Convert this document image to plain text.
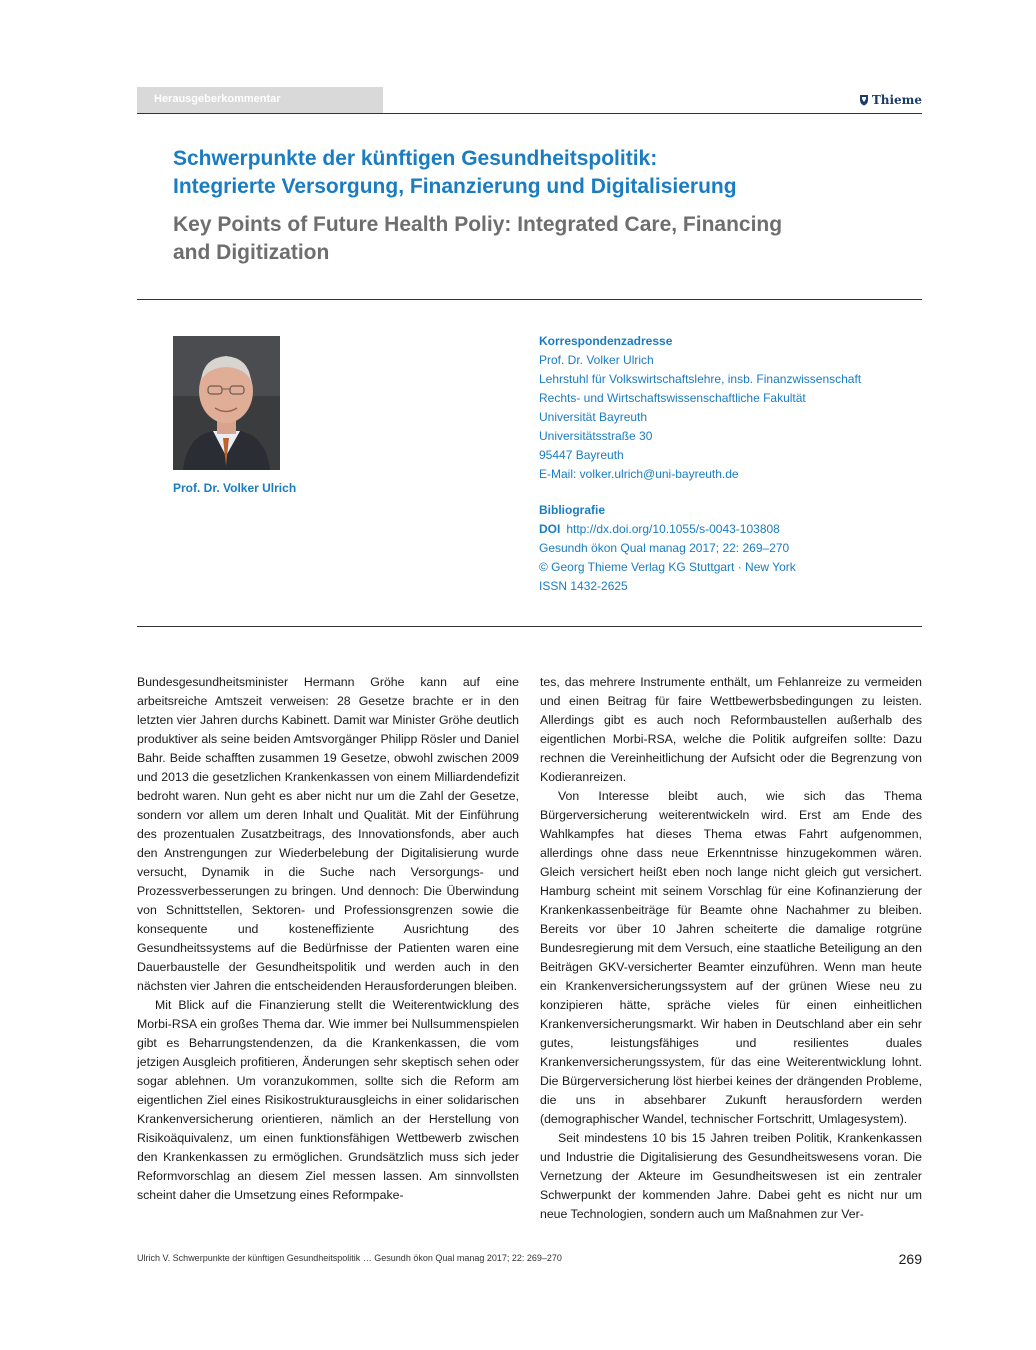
Herausgeberkommentar	Thieme
Schwerpunkte der künftigen Gesundheitspolitik:
Integrierte Versorgung, Finanzierung und Digitalisierung
Key Points of Future Health Poliy: Integrated Care, Financing
and Digitization
Prof. Dr. Volker Ulrich
Korrespondenzadresse
Prof. Dr. Volker Ulrich
Lehrstuhl für Volkswirtschaftslehre, insb. Finanzwissenschaft
Rechts- und Wirtschaftswissenschaftliche Fakultät
Universität Bayreuth
Universitätsstraße 30
95447 Bayreuth
E-Mail: volker.ulrich@uni-bayreuth.de
Bibliografie
DOI http://dx.doi.org/10.1055/s-0043-103808
Gesundh ökon Qual manag 2017; 22: 269–270
© Georg Thieme Verlag KG Stuttgart · New York
ISSN 1432-2625

Bundesgesundheitsminister Hermann Gröhe kann auf eine arbeitsreiche Amtszeit verweisen: 28 Gesetze brachte er in den letzten vier Jahren durchs Kabinett. Damit war Minister Gröhe deutlich produktiver als seine beiden Amtsvorgänger Philipp Rösler und Daniel Bahr. Beide schafften zusammen 19 Gesetze, obwohl zwischen 2009 und 2013 die gesetzlichen Krankenkassen von einem Milliardendefizit bedroht waren. Nun geht es aber nicht nur um die Zahl der Gesetze, sondern vor allem um deren Inhalt und Qualität. Mit der Einführung des prozentualen Zusatzbeitrags, des Innovationsfonds, aber auch den Anstrengungen zur Wiederbelebung der Digitalisierung wurde versucht, Dynamik in die Suche nach Versorgungs- und Prozessverbesserungen zu bringen. Und dennoch: Die Überwindung von Schnittstellen, Sektoren- und Professionsgrenzen sowie die konsequente und kosteneffiziente Ausrichtung des Gesundheitssystems auf die Bedürfnisse der Patienten waren eine Dauerbaustelle der Gesundheitspolitik und werden auch in den nächsten vier Jahren die entscheidenden Herausforderungen bleiben.

Mit Blick auf die Finanzierung stellt die Weiterentwicklung des Morbi-RSA ein großes Thema dar. Wie immer bei Nullsummenspielen gibt es Beharrungstendenzen, da die Krankenkassen, die vom jetzigen Ausgleich profitieren, Änderungen sehr skeptisch sehen oder sogar ablehnen. Um voranzukommen, sollte sich die Reform am eigentlichen Ziel eines Risikostrukturausgleichs in einer solidarischen Krankenversicherung orientieren, nämlich an der Herstellung von Risikoäquivalenz, um einen funktionsfähigen Wettbewerb zwischen den Krankenkassen zu ermöglichen. Grundsätzlich muss sich jeder Reformvorschlag an diesem Ziel messen lassen. Am sinnvollsten scheint daher die Umsetzung eines Reformpake-

tes, das mehrere Instrumente enthält, um Fehlanreize zu vermeiden und einen Beitrag für faire Wettbewerbsbedingungen zu leisten. Allerdings gibt es auch noch Reformbaustellen außerhalb des eigentlichen Morbi-RSA, welche die Politik aufgreifen sollte: Dazu rechnen die Vereinheitlichung der Aufsicht oder die Begrenzung von Kodieranreizen.

Von Interesse bleibt auch, wie sich das Thema Bürgerversicherung weiterentwickeln wird. Erst am Ende des Wahlkampfes hat dieses Thema etwas Fahrt aufgenommen, allerdings ohne dass neue Erkenntnisse hinzugekommen wären. Gleich versichert heißt eben noch lange nicht gleich gut versichert. Hamburg scheint mit seinem Vorschlag für eine Kofinanzierung der Krankenkassenbeiträge für Beamte ohne Nachahmer zu bleiben. Bereits vor über 10 Jahren scheiterte die damalige rotgrüne Bundesregierung mit dem Versuch, eine staatliche Beteiligung an den Beiträgen GKV-versicherter Beamter einzuführen. Wenn man heute ein Krankenversicherungssystem auf der grünen Wiese neu zu konzipieren hätte, spräche vieles für einen einheitlichen Krankenversicherungsmarkt. Wir haben in Deutschland aber ein sehr gutes, leistungsfähiges und resilientes duales Krankenversicherungssystem, für das eine Weiterentwicklung lohnt. Die Bürgerversicherung löst hierbei keines der drängenden Probleme, die uns in absehbarer Zukunft herausfordern werden (demographischer Wandel, technischer Fortschritt, Umlagesystem).

Seit mindestens 10 bis 15 Jahren treiben Politik, Krankenkassen und Industrie die Digitalisierung des Gesundheitswesens voran. Die Vernetzung der Akteure im Gesundheitswesen ist ein zentraler Schwerpunkt der kommenden Jahre. Dabei geht es nicht nur um neue Technologien, sondern auch um Maßnahmen zur Ver-

Ulrich V. Schwerpunkte der künftigen Gesundheitspolitik … Gesundh ökon Qual manag 2017; 22: 269–270	269
